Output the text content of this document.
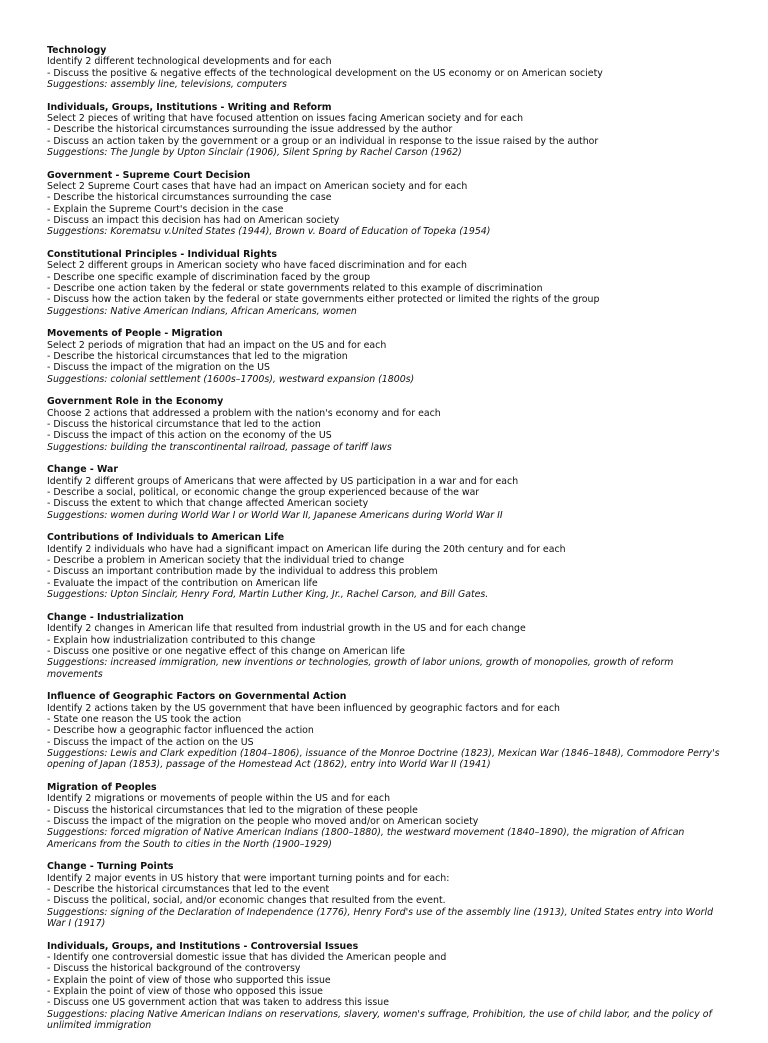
Technology
Identify 2 different technological developments and for each
- Discuss the positive & negative effects of the technological development on the US economy or on American society
Suggestions: assembly line, televisions, computers
Individuals, Groups, Institutions - Writing and Reform
Select 2 pieces of writing that have focused attention on issues facing American society and for each
- Describe the historical circumstances surrounding the issue addressed by the author
- Discuss an action taken by the government or a group or an individual in response to the issue raised by the author
Suggestions: The Jungle by Upton Sinclair (1906), Silent Spring by Rachel Carson (1962)
Government - Supreme Court Decision
Select 2 Supreme Court cases that have had an impact on American society and for each
- Describe the historical circumstances surrounding the case
- Explain the Supreme Court's decision in the case
- Discuss an impact this decision has had on American society
Suggestions: Korematsu v.United States (1944), Brown v. Board of Education of Topeka (1954)
Constitutional Principles - Individual Rights
Select 2 different groups in American society who have faced discrimination and for each
- Describe one specific example of discrimination faced by the group
- Describe one action taken by the federal or state governments related to this example of discrimination
- Discuss how the action taken by the federal or state governments either protected or limited the rights of the group
Suggestions: Native American Indians, African Americans, women
Movements of People - Migration
Select 2 periods of migration that had an impact on the US and for each
- Describe the historical circumstances that led to the migration
- Discuss the impact of the migration on the US
Suggestions: colonial settlement (1600s–1700s), westward expansion (1800s)
Government Role in the Economy
Choose 2 actions that addressed a problem with the nation's economy and for each
- Discuss the historical circumstance that led to the action
- Discuss the impact of this action on the economy of the US
Suggestions: building the transcontinental railroad, passage of tariff laws
Change - War
Identify 2 different groups of Americans that were affected by US participation in a war and for each
- Describe a social, political, or economic change the group experienced because of the war
- Discuss the extent to which that change affected American society
Suggestions: women during World War I or World War II, Japanese Americans during World War II
Contributions of Individuals to American Life
Identify 2 individuals who have had a significant impact on American life during the 20th century and for each
- Describe a problem in American society that the individual tried to change
- Discuss an important contribution made by the individual to address this problem
- Evaluate the impact of the contribution on American life
Suggestions: Upton Sinclair, Henry Ford, Martin Luther King, Jr., Rachel Carson, and Bill Gates.
Change - Industrialization
Identify 2 changes in American life that resulted from industrial growth in the US and for each change
- Explain how industrialization contributed to this change
- Discuss one positive or one negative effect of this change on American life
Suggestions: increased immigration, new inventions or technologies, growth of labor unions, growth of monopolies, growth of reform movements
Influence of Geographic Factors on Governmental Action
Identify 2 actions taken by the US government that have been influenced by geographic factors and for each
- State one reason the US took the action
- Describe how a geographic factor influenced the action
- Discuss the impact of the action on the US
Suggestions: Lewis and Clark expedition (1804–1806), issuance of the Monroe Doctrine (1823), Mexican War (1846–1848), Commodore Perry's opening of Japan (1853), passage of the Homestead Act (1862), entry into World War II (1941)
Migration of Peoples
Identify 2 migrations or movements of people within the US and for each
- Discuss the historical circumstances that led to the migration of these people
- Discuss the impact of the migration on the people who moved and/or on American society
Suggestions: forced migration of Native American Indians (1800–1880), the westward movement (1840–1890), the migration of African Americans from the South to cities in the North (1900–1929)
Change - Turning Points
Identify 2 major events in US history that were important turning points and for each:
- Describe the historical circumstances that led to the event
- Discuss the political, social, and/or economic changes that resulted from the event.
Suggestions: signing of the Declaration of Independence (1776), Henry Ford's use of the assembly line (1913), United States entry into World War I (1917)
Individuals, Groups, and Institutions - Controversial Issues
- Identify one controversial domestic issue that has divided the American people and
- Discuss the historical background of the controversy
- Explain the point of view of those who supported this issue
- Explain the point of view of those who opposed this issue
- Discuss one US government action that was taken to address this issue
Suggestions: placing Native American Indians on reservations, slavery, women's suffrage, Prohibition, the use of child labor, and the policy of unlimited immigration
